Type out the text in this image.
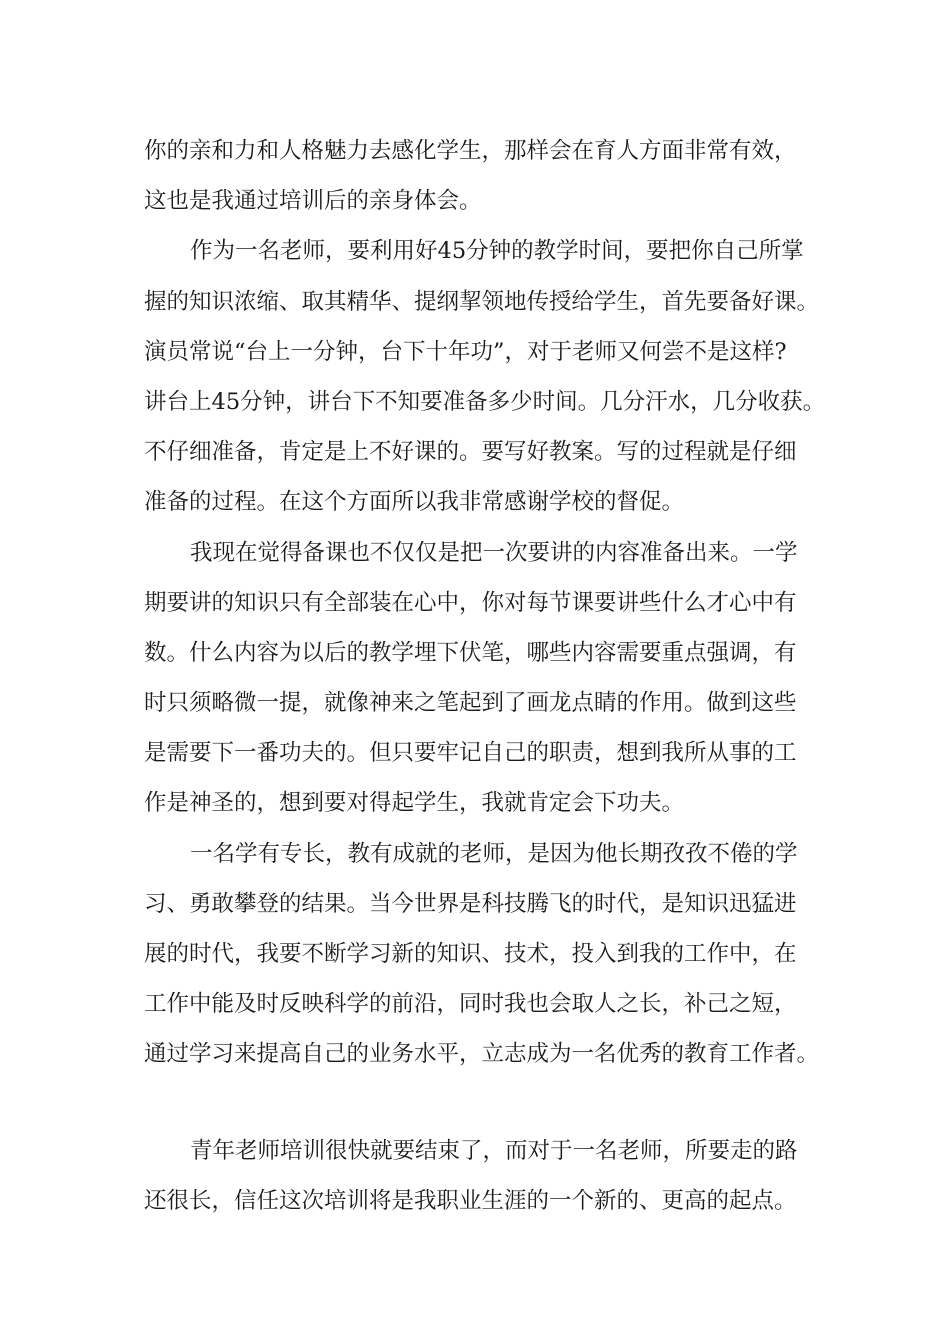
你的亲和力和人格魅力去感化学生，那样会在育人方面非常有效，
这也是我通过培训后的亲身体会。
作为一名老师，要利用好45分钟的教学时间，要把你自己所掌
握的知识浓缩、取其精华、提纲挈领地传授给学生，首先要备好课。
演员常说“台上一分钟，台下十年功”，对于老师又何尝不是这样?
讲台上45分钟，讲台下不知要准备多少时间。几分汗水，几分收获。
不仔细准备，肯定是上不好课的。要写好教案。写的过程就是仔细
准备的过程。在这个方面所以我非常感谢学校的督促。
我现在觉得备课也不仅仅是把一次要讲的内容准备出来。一学
期要讲的知识只有全部装在心中，你对每节课要讲些什么才心中有
数。什么内容为以后的教学埋下伏笔，哪些内容需要重点强调，有
时只须略微一提，就像神来之笔起到了画龙点睛的作用。做到这些
是需要下一番功夫的。但只要牢记自己的职责，想到我所从事的工
作是神圣的，想到要对得起学生，我就肯定会下功夫。
一名学有专长，教有成就的老师，是因为他长期孜孜不倦的学
习、勇敢攀登的结果。当今世界是科技腾飞的时代，是知识迅猛进
展的时代，我要不断学习新的知识、技术，投入到我的工作中，在
工作中能及时反映科学的前沿，同时我也会取人之长，补己之短，
通过学习来提高自己的业务水平，立志成为一名优秀的教育工作者。
青年老师培训很快就要结束了，而对于一名老师，所要走的路
还很长，信任这次培训将是我职业生涯的一个新的、更高的起点。
